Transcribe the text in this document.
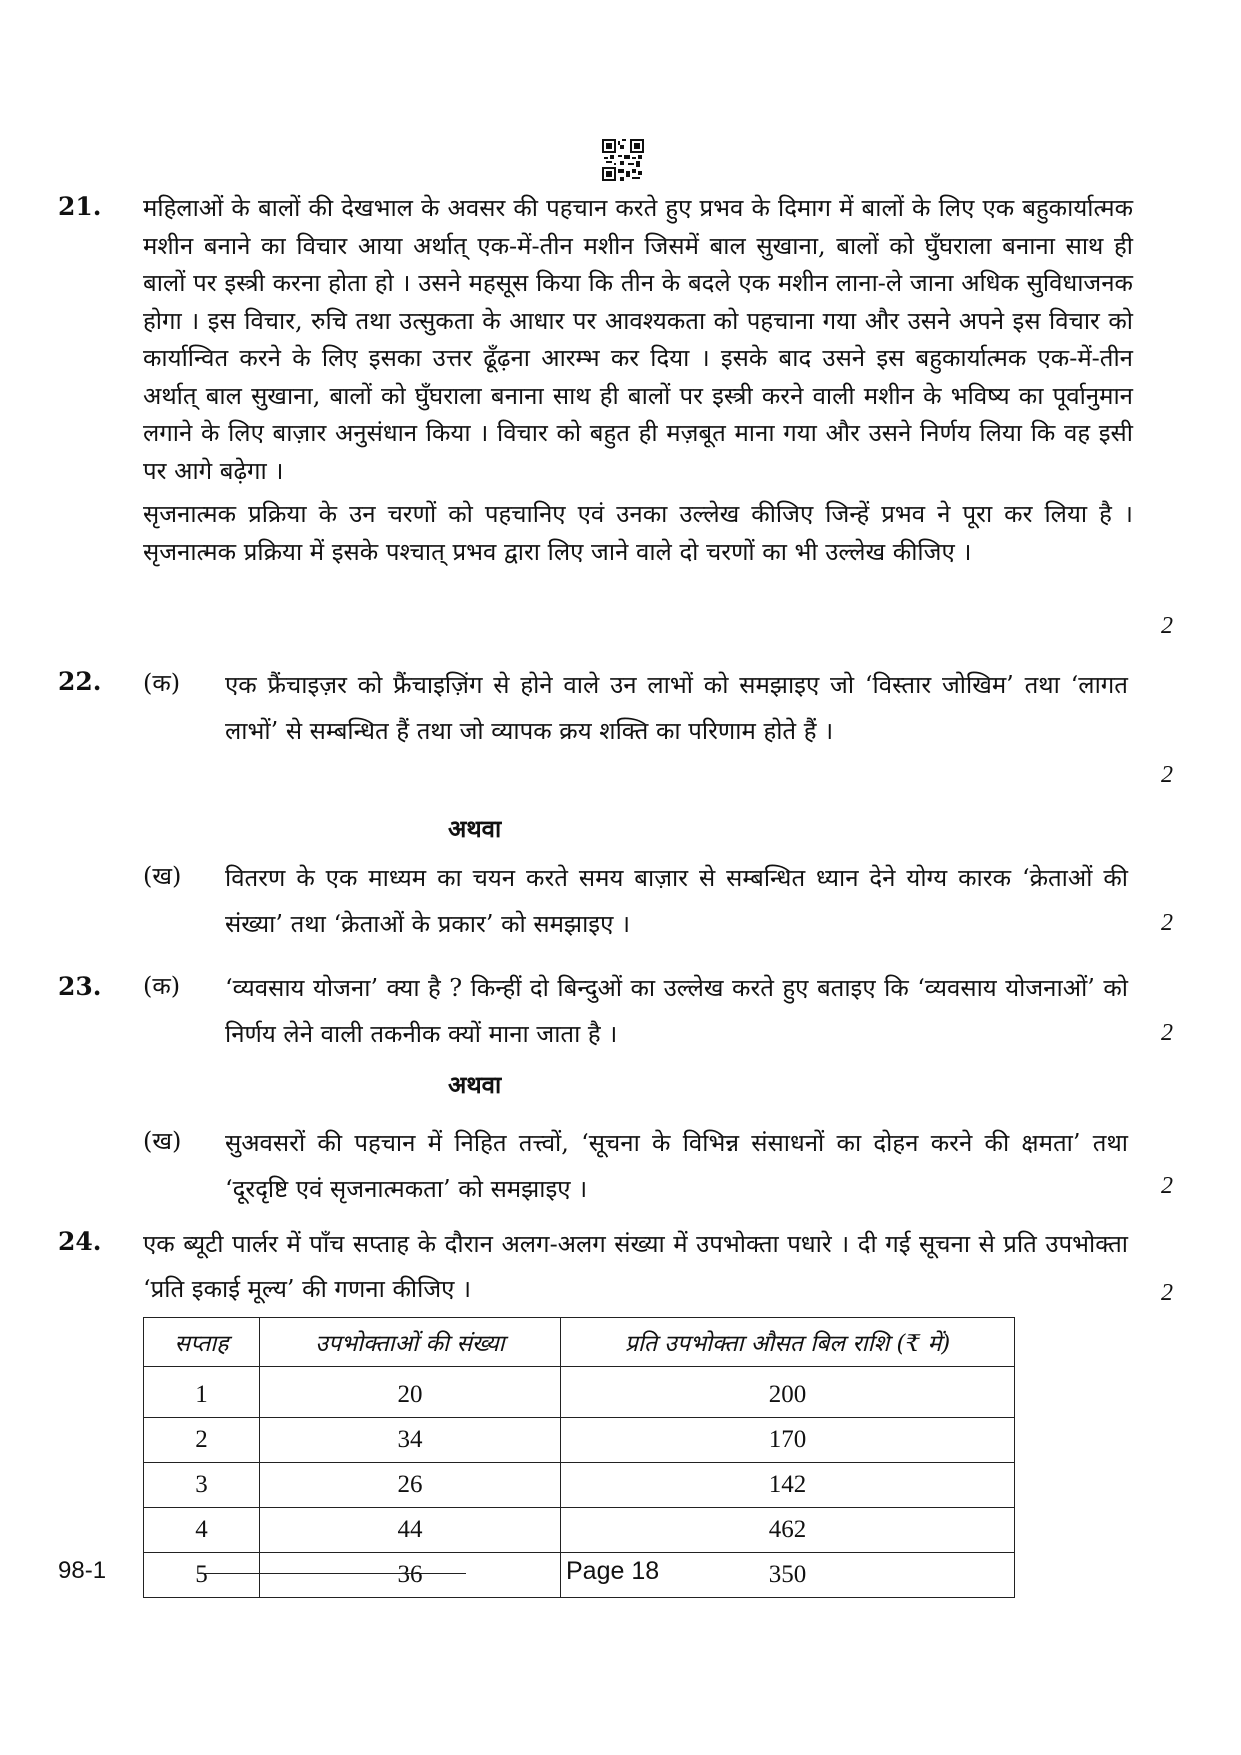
21. महिलाओं के बालों की देखभाल के अवसर की पहचान करते हुए प्रभव के दिमाग में बालों के लिए एक बहुकार्यात्मक मशीन बनाने का विचार आया अर्थात् एक-में-तीन मशीन जिसमें बाल सुखाना, बालों को घुँघराला बनाना साथ ही बालों पर इस्त्री करना होता हो । उसने महसूस किया कि तीन के बदले एक मशीन लाना-ले जाना अधिक सुविधाजनक होगा । इस विचार, रुचि तथा उत्सुकता के आधार पर आवश्यकता को पहचाना गया और उसने अपने इस विचार को कार्यान्वित करने के लिए इसका उत्तर ढूँढ़ना आरम्भ कर दिया । इसके बाद उसने इस बहुकार्यात्मक एक-में-तीन अर्थात् बाल सुखाना, बालों को घुँघराला बनाना साथ ही बालों पर इस्त्री करने वाली मशीन के भविष्य का पूर्वानुमान लगाने के लिए बाज़ार अनुसंधान किया । विचार को बहुत ही मज़बूत माना गया और उसने निर्णय लिया कि वह इसी पर आगे बढ़ेगा ।
सृजनात्मक प्रक्रिया के उन चरणों को पहचानिए एवं उनका उल्लेख कीजिए जिन्हें प्रभव ने पूरा कर लिया है । सृजनात्मक प्रक्रिया में इसके पश्चात् प्रभव द्वारा लिए जाने वाले दो चरणों का भी उल्लेख कीजिए ।
2
22. (क) एक फ्रैंचाइज़र को फ्रैंचाइज़िंग से होने वाले उन लाभों को समझाइए जो ‘विस्तार जोखिम’ तथा ‘लागत लाभों’ से सम्बन्धित हैं तथा जो व्यापक क्रय शक्ति का परिणाम होते हैं ।
2
अथवा
(ख) वितरण के एक माध्यम का चयन करते समय बाज़ार से सम्बन्धित ध्यान देने योग्य कारक ‘क्रेताओं की संख्या’ तथा ‘क्रेताओं के प्रकार’ को समझाइए ।	2
23. (क) ‘व्यवसाय योजना’ क्या है ? किन्हीं दो बिन्दुओं का उल्लेख करते हुए बताइए कि ‘व्यवसाय योजनाओं’ को निर्णय लेने वाली तकनीक क्यों माना जाता है ।	2
अथवा
(ख) सुअवसरों की पहचान में निहित तत्त्वों, ‘सूचना के विभिन्न संसाधनों का दोहन करने की क्षमता’ तथा ‘दूरदृष्टि एवं सृजनात्मकता’ को समझाइए ।	2
24. एक ब्यूटी पार्लर में पाँच सप्ताह के दौरान अलग-अलग संख्या में उपभोक्ता पधारे । दी गई सूचना से प्रति उपभोक्ता ‘प्रति इकाई मूल्य’ की गणना कीजिए ।	2
सप्ताह	उपभोक्ताओं की संख्या	प्रति उपभोक्ता औसत बिल राशि (₹ में)
1	20	200
2	34	170
3	26	142
4	44	462
5	36	350
98-1	Page 18
